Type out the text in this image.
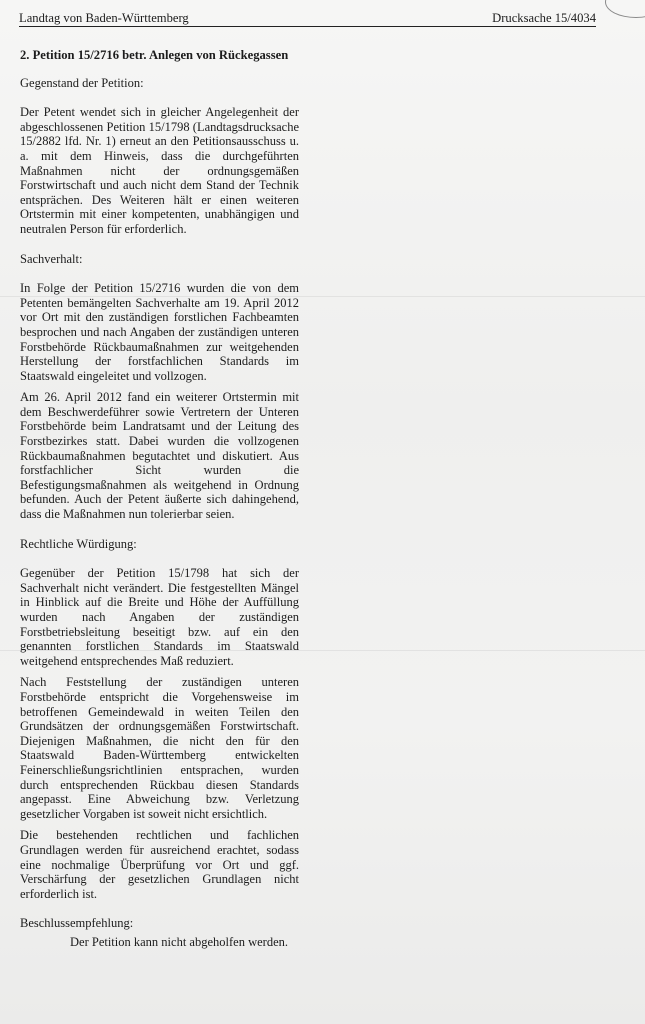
Landtag von Baden-Württemberg	Drucksache 15/4034
2. Petition 15/2716 betr. Anlegen von Rückegassen
Gegenstand der Petition:

Der Petent wendet sich in gleicher Angelegenheit der abgeschlossenen Petition 15/1798 (Landtagsdrucksache 15/2882 lfd. Nr. 1) erneut an den Petitionsausschuss u. a. mit dem Hinweis, dass die durchgeführten Maßnahmen nicht der ordnungsgemäßen Forstwirtschaft und auch nicht dem Stand der Technik entsprächen. Des Weiteren hält er einen weiteren Ortstermin mit einer kompetenten, unabhängigen und neutralen Person für erforderlich.

Sachverhalt:

In Folge der Petition 15/2716 wurden die von dem Petenten bemängelten Sachverhalte am 19. April 2012 vor Ort mit den zuständigen forstlichen Fachbeamten besprochen und nach Angaben der zuständigen unteren Forstbehörde Rückbaumaßnahmen zur weitgehenden Herstellung der forstfachlichen Standards im Staatswald eingeleitet und vollzogen.

Am 26. April 2012 fand ein weiterer Ortstermin mit dem Beschwerdeführer sowie Vertretern der Unteren Forstbehörde beim Landratsamt und der Leitung des Forstbezirkes statt. Dabei wurden die vollzogenen Rückbaumaßnahmen begutachtet und diskutiert. Aus forstfachlicher Sicht wurden die Befestigungsmaßnahmen als weitgehend in Ordnung befunden. Auch der Petent äußerte sich dahingehend, dass die Maßnahmen nun tolerierbar seien.

Rechtliche Würdigung:

Gegenüber der Petition 15/1798 hat sich der Sachverhalt nicht verändert. Die festgestellten Mängel in Hinblick auf die Breite und Höhe der Auffüllung wurden nach Angaben der zuständigen Forstbetriebsleitung beseitigt bzw. auf ein den genannten forstlichen Standards im Staatswald weitgehend entsprechendes Maß reduziert.

Nach Feststellung der zuständigen unteren Forstbehörde entspricht die Vorgehensweise im betroffenen Gemeindewald in weiten Teilen den Grundsätzen der ordnungsgemäßen Forstwirtschaft. Diejenigen Maßnahmen, die nicht den für den Staatswald Baden-Württemberg entwickelten Feinerschließungsrichtlinien entsprachen, wurden durch entsprechenden Rückbau diesen Standards angepasst. Eine Abweichung bzw. Verletzung gesetzlicher Vorgaben ist soweit nicht ersichtlich.

Die bestehenden rechtlichen und fachlichen Grundlagen werden für ausreichend erachtet, sodass eine nochmalige Überprüfung vor Ort und ggf. Verschärfung der gesetzlichen Grundlagen nicht erforderlich ist.

Beschlussempfehlung:
Der Petition kann nicht abgeholfen werden.
